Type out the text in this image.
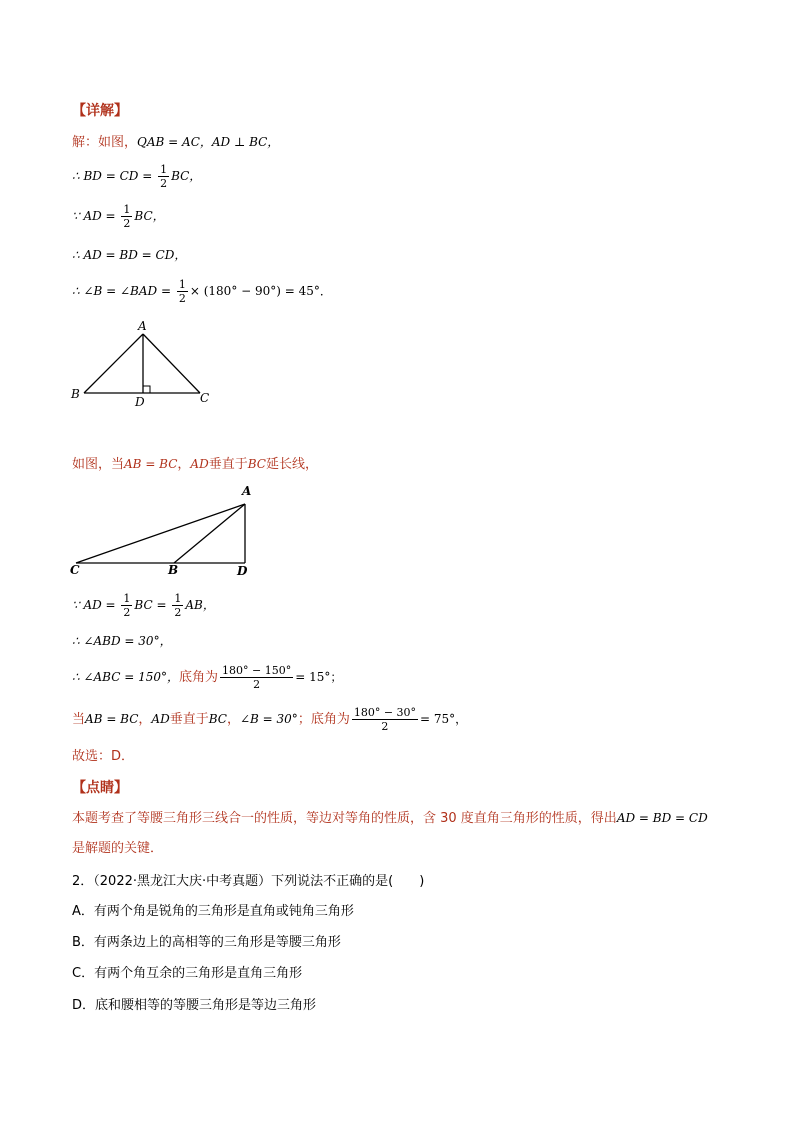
【详解】
解：如图，QAB = AC，AD ⊥ BC，
∴ BD = CD = $\frac{1}{2}$ BC，
∵ AD = $\frac{1}{2}$ BC，
∴ AD = BD = CD，
∴ ∠B = ∠BAD = $\frac{1}{2} \times (180^\circ - 90^\circ) = 45^\circ$．
A
B	C
D
如图，当AB = BC，AD垂直于BC延长线，
A
C	B	D
∵ AD = $\frac{1}{2}$ BC = $\frac{1}{2}$ AB，
∴ ∠ABD = 30°，
∴ ∠ABC = 150°，底角为 $\frac{180^\circ - 150^\circ}{2} = 15^\circ$；
当AB = BC，AD垂直于BC，∠B = 30°；底角为 $\frac{180^\circ - 30^\circ}{2} = 75^\circ$，
故选：D．
【点睛】
本题考查了等腰三角形三线合一的性质，等边对等角的性质，含 30 度直角三角形的性质，得出AD = BD = CD
是解题的关键．
2．（2022·黑龙江大庆·中考真题）下列说法不正确的是(　　)
A．有两个角是锐角的三角形是直角或钝角三角形
B．有两条边上的高相等的三角形是等腰三角形
C．有两个角互余的三角形是直角三角形
D．底和腰相等的等腰三角形是等边三角形
